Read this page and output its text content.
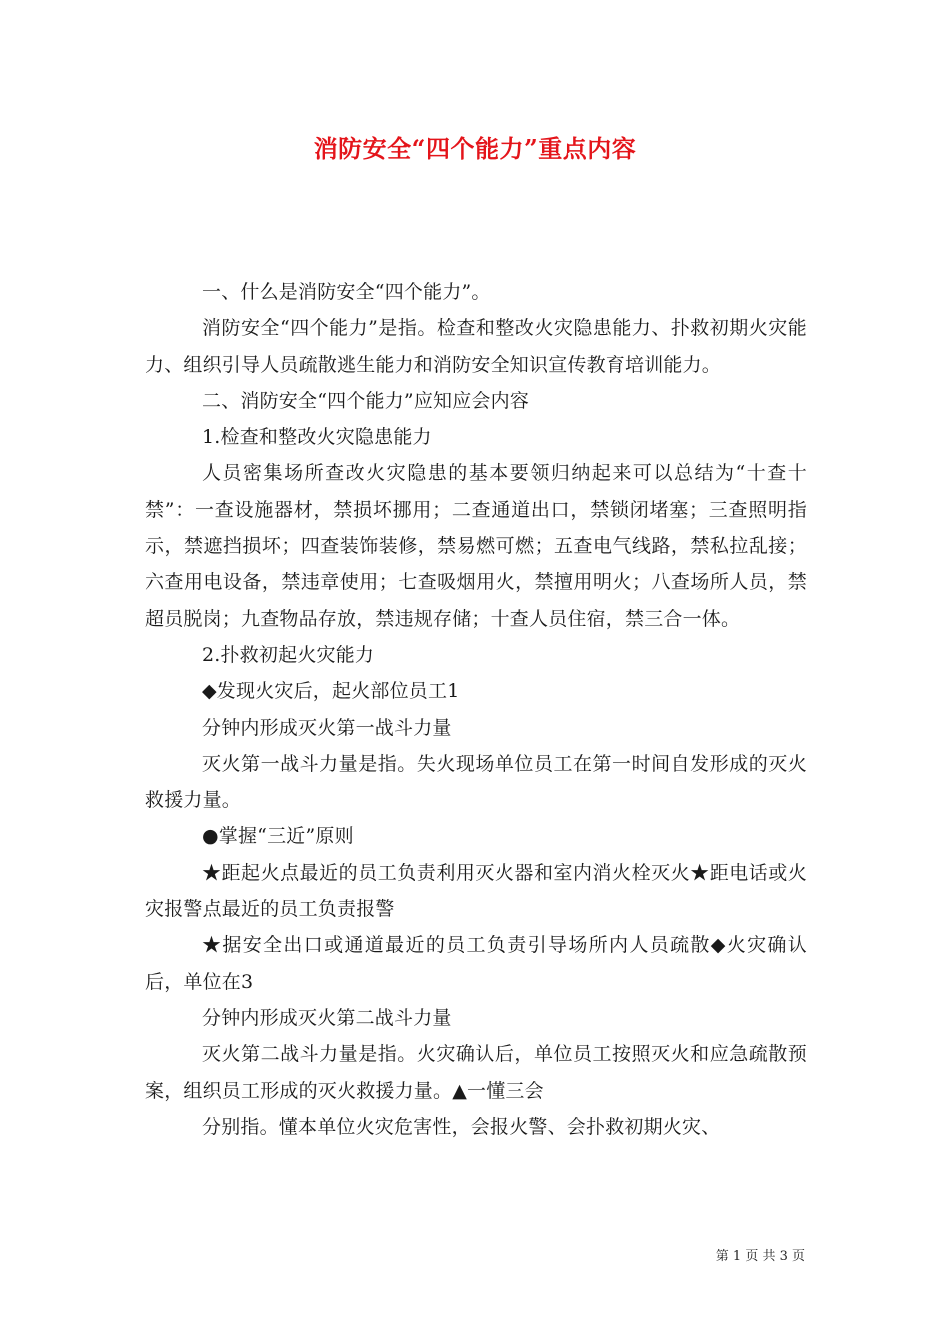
消防安全“四个能力”重点内容

一、什么是消防安全“四个能力”。

消防安全“四个能力”是指。检查和整改火灾隐患能力、扑救初期火灾能力、组织引导人员疏散逃生能力和消防安全知识宣传教育培训能力。

二、消防安全“四个能力”应知应会内容

1.检查和整改火灾隐患能力

人员密集场所查改火灾隐患的基本要领归纳起来可以总结为“十查十禁”：一查设施器材，禁损坏挪用；二查通道出口，禁锁闭堵塞；三查照明指示，禁遮挡损坏；四查装饰装修，禁易燃可燃；五查电气线路，禁私拉乱接；六查用电设备，禁违章使用；七查吸烟用火，禁擅用明火；八查场所人员，禁超员脱岗；九查物品存放，禁违规存储；十查人员住宿，禁三合一体。

2.扑救初起火灾能力

◆发现火灾后，起火部位员工1

分钟内形成灭火第一战斗力量

灭火第一战斗力量是指。失火现场单位员工在第一时间自发形成的灭火救援力量。

●掌握“三近”原则

★距起火点最近的员工负责利用灭火器和室内消火栓灭火★距电话或火灾报警点最近的员工负责报警

★据安全出口或通道最近的员工负责引导场所内人员疏散◆火灾确认后，单位在3

分钟内形成灭火第二战斗力量

灭火第二战斗力量是指。火灾确认后，单位员工按照灭火和应急疏散预案，组织员工形成的灭火救援力量。▲一懂三会

分别指。懂本单位火灾危害性，会报火警、会扑救初期火灾、

第 1 页 共 3 页
